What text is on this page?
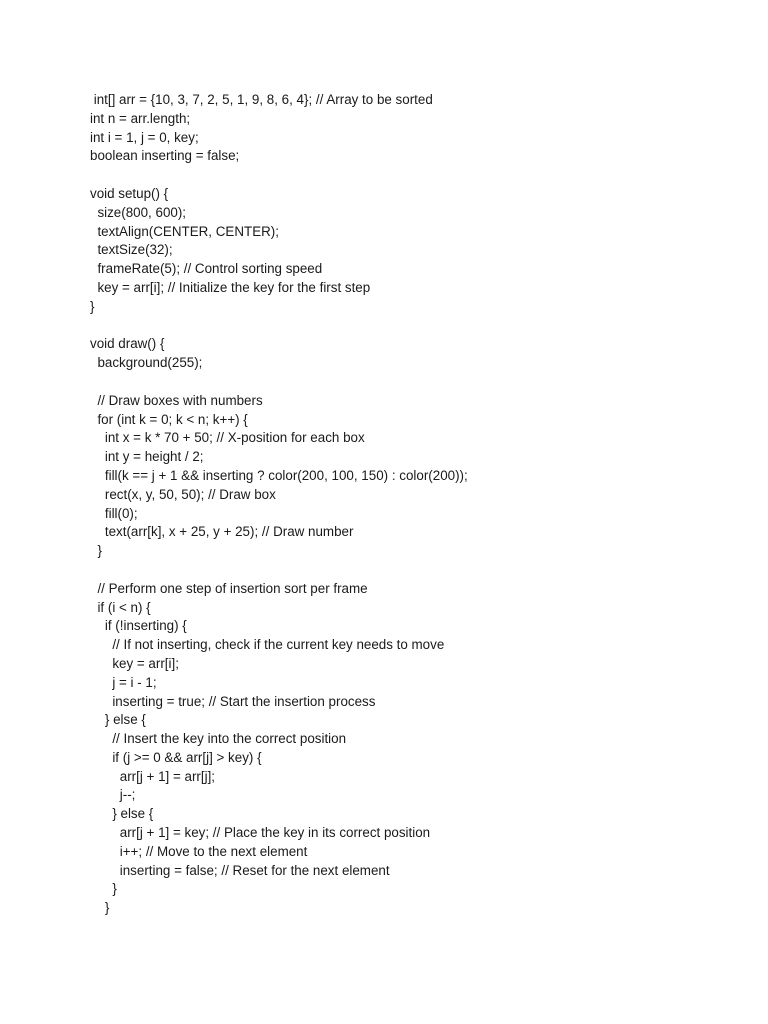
int[] arr = {10, 3, 7, 2, 5, 1, 9, 8, 6, 4}; // Array to be sorted
int n = arr.length;
int i = 1, j = 0, key;
boolean inserting = false;
void setup() {
size(800, 600);
textAlign(CENTER, CENTER);
textSize(32);
frameRate(5); // Control sorting speed
key = arr[i]; // Initialize the key for the first step
}
void draw() {
background(255);
// Draw boxes with numbers
for (int k = 0; k < n; k++) {
int x = k * 70 + 50; // X-position for each box
int y = height / 2;
fill(k == j + 1 && inserting ? color(200, 100, 150) : color(200));
rect(x, y, 50, 50); // Draw box
fill(0);
text(arr[k], x + 25, y + 25); // Draw number
}
// Perform one step of insertion sort per frame
if (i < n) {
if (!inserting) {
// If not inserting, check if the current key needs to move
key = arr[i];
j = i - 1;
inserting = true; // Start the insertion process
} else {
// Insert the key into the correct position
if (j >= 0 && arr[j] > key) {
arr[j + 1] = arr[j];
j--;
} else {
arr[j + 1] = key; // Place the key in its correct position
i++; // Move to the next element
inserting = false; // Reset for the next element
}
}
